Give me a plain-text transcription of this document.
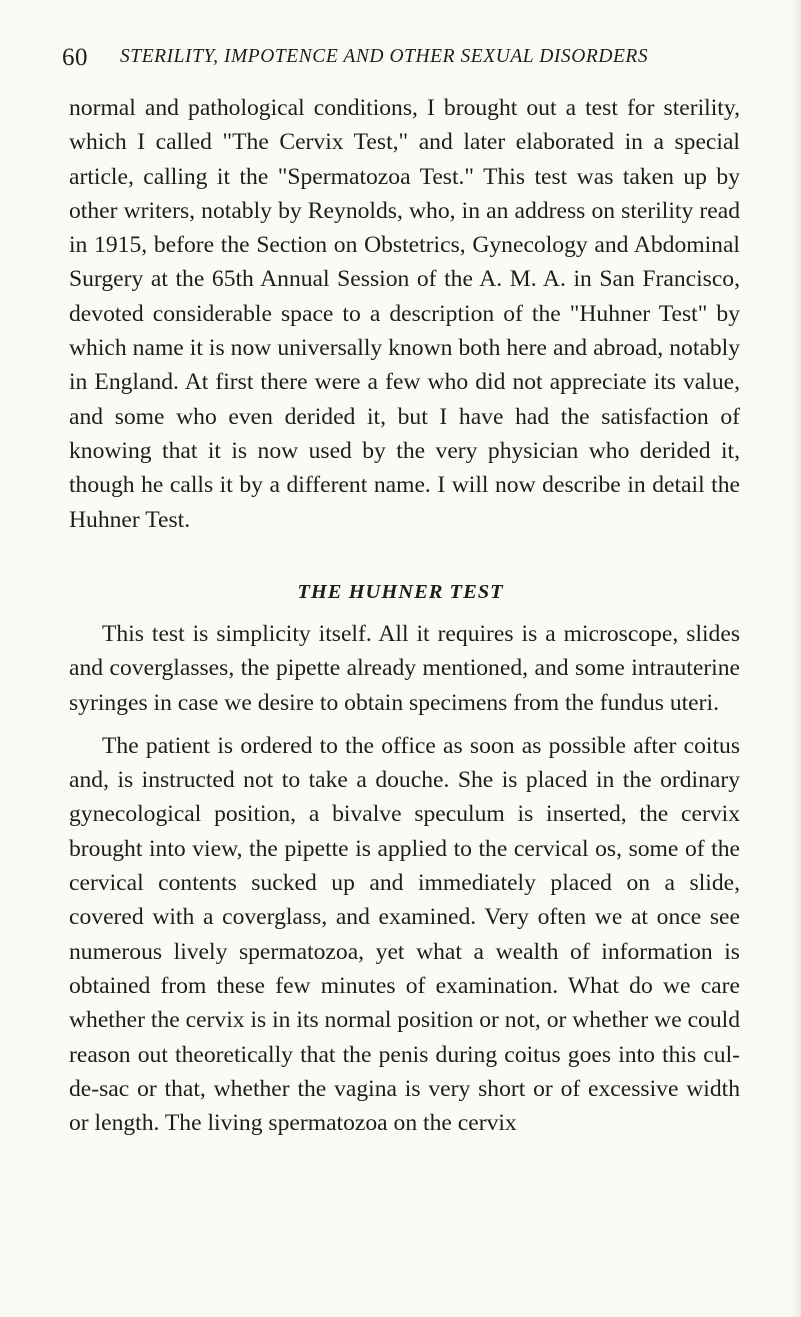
60 STERILITY, IMPOTENCE AND OTHER SEXUAL DISORDERS

normal and pathological conditions, I brought out a test for sterility, which I called "The Cervix Test," and later elaborated in a special article, calling it the "Spermatozoa Test." This test was taken up by other writers, notably by Reynolds, who, in an address on sterility read in 1915, before the Section on Obstetrics, Gynecology and Abdominal Surgery at the 65th Annual Session of the A. M. A. in San Francisco, devoted considerable space to a description of the "Huhner Test" by which name it is now universally known both here and abroad, notably in England. At first there were a few who did not appreciate its value, and some who even derided it, but I have had the satisfaction of knowing that it is now used by the very physician who derided it, though he calls it by a different name. I will now describe in detail the Huhner Test.

THE HUHNER TEST

This test is simplicity itself. All it requires is a microscope, slides and coverglasses, the pipette already mentioned, and some intrauterine syringes in case we desire to obtain specimens from the fundus uteri.

The patient is ordered to the office as soon as possible after coitus and, is instructed not to take a douche. She is placed in the ordinary gynecological position, a bivalve speculum is inserted, the cervix brought into view, the pipette is applied to the cervical os, some of the cervical contents sucked up and immediately placed on a slide, covered with a coverglass, and examined. Very often we at once see numerous lively spermatozoa, yet what a wealth of information is obtained from these few minutes of examination. What do we care whether the cervix is in its normal position or not, or whether we could reason out theoretically that the penis during coitus goes into this cul-de-sac or that, whether the vagina is very short or of excessive width or length. The living spermatozoa on the cervix
